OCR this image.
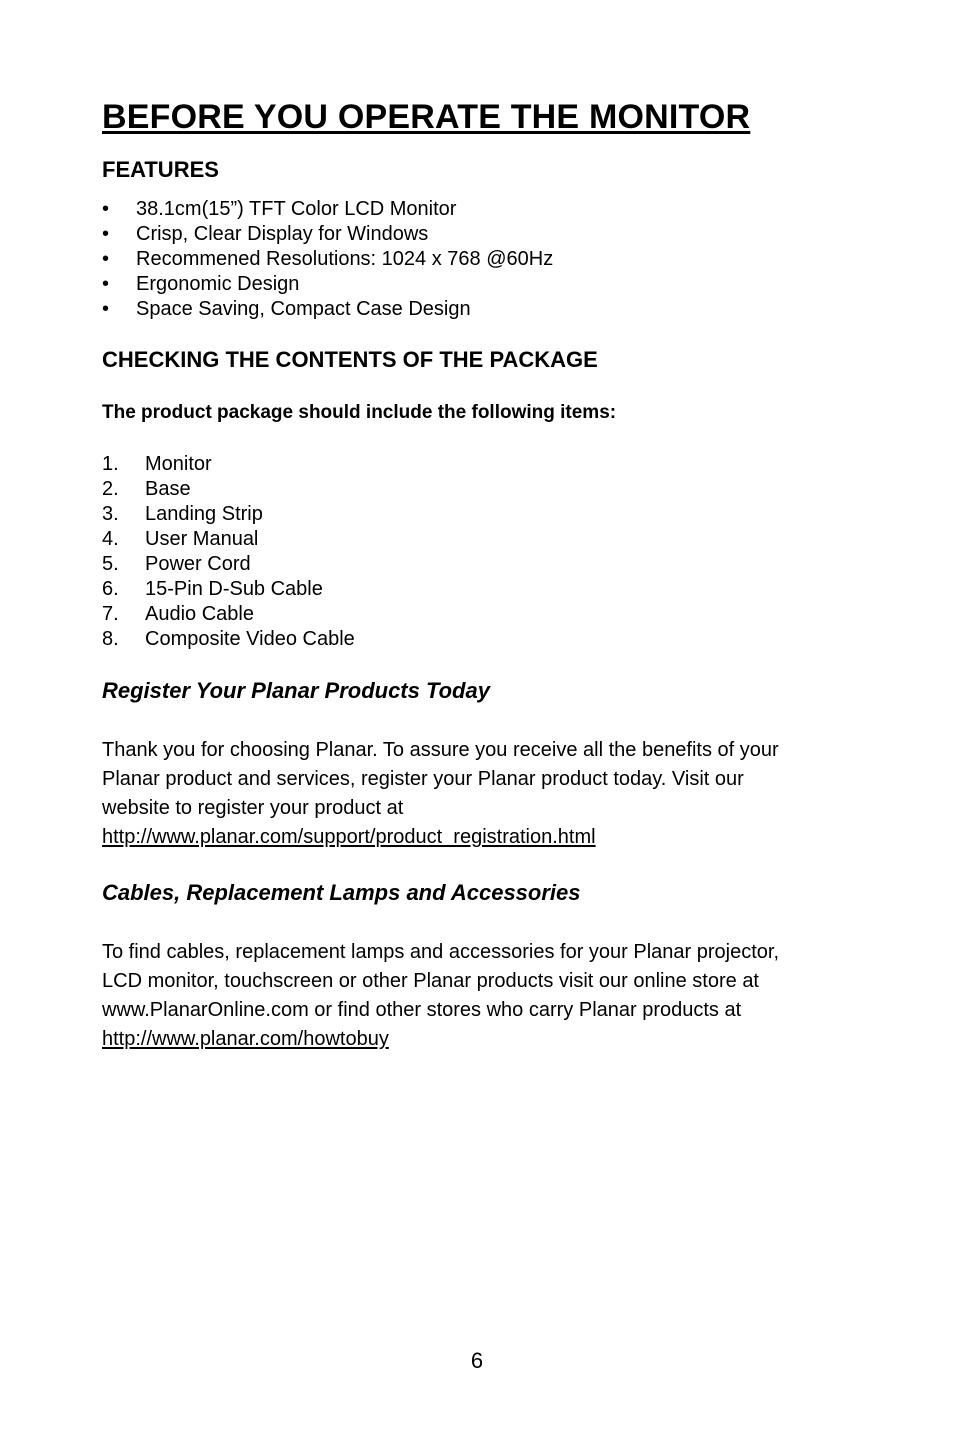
BEFORE YOU OPERATE THE MONITOR
FEATURES
•	38.1cm(15”) TFT Color LCD Monitor
•	Crisp, Clear Display for Windows
•	Recommened Resolutions: 1024 x 768 @60Hz
•	Ergonomic Design
•	Space Saving, Compact Case Design
CHECKING THE CONTENTS OF THE PACKAGE

The product package should include the following items:

1.	Monitor
2.	Base
3.	Landing Strip
4.	User Manual
5.	Power Cord
6.	15-Pin D-Sub Cable
7.	Audio Cable
8.	Composite Video Cable
Register Your Planar Products Today

Thank you for choosing Planar. To assure you receive all the benefits of your
Planar product and services, register your Planar product today. Visit our
website to register your product at
http://www.planar.com/support/product_registration.html

Cables, Replacement Lamps and Accessories

To find cables, replacement lamps and accessories for your Planar projector,
LCD monitor, touchscreen or other Planar products visit our online store at
www.PlanarOnline.com or find other stores who carry Planar products at
http://www.planar.com/howtobuy

6
